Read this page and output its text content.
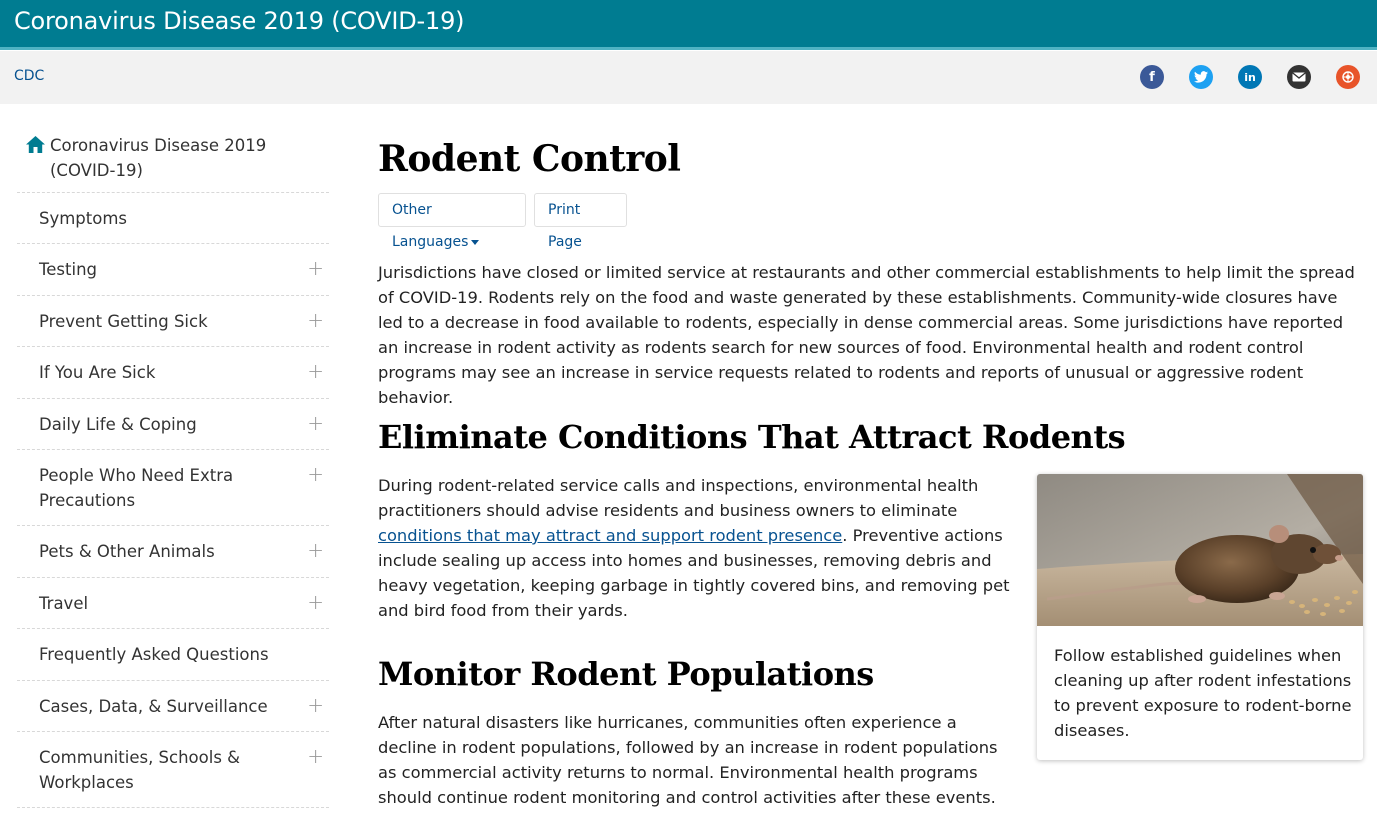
Coronavirus Disease 2019 (COVID-19)
CDC	f	in
Coronavirus Disease 2019 (COVID-19)
Symptoms
Testing	+
Prevent Getting Sick	+
If You Are Sick	+
Daily Life & Coping	+
People Who Need Extra Precautions
+
Pets & Other Animals	+
Travel	+
Frequently Asked Questions
Cases, Data, & Surveillance +
Communities, Schools & Workplaces
+
Rodent Control
Other Languages
Print Page

Jurisdictions have closed or limited service at restaurants and other commercial establishments to help limit the spread of COVID-19. Rodents rely on the food and waste generated by these establishments. Community-wide closures have led to a decrease in food available to rodents, especially in dense commercial areas. Some jurisdictions have reported an increase in rodent activity as rodents search for new sources of food. Environmental health and rodent control programs may see an increase in service requests related to rodents and reports of unusual or aggressive rodent behavior.

Eliminate Conditions That Attract Rodents

During rodent-related service calls and inspections, environmental health practitioners should advise residents and business owners to eliminate conditions that may attract and support rodent presence. Preventive actions include sealing up access into homes and businesses, removing debris and heavy vegetation, keeping garbage in tightly covered bins, and removing pet and bird food from their yards.

Monitor Rodent Populations

After natural disasters like hurricanes, communities often experience a decline in rodent populations, followed by an increase in rodent populations as commercial activity returns to normal. Environmental health programs should continue rodent monitoring and control activities after these events.

Follow established guidelines when cleaning up after rodent infestations to prevent exposure to rodent-borne diseases.
